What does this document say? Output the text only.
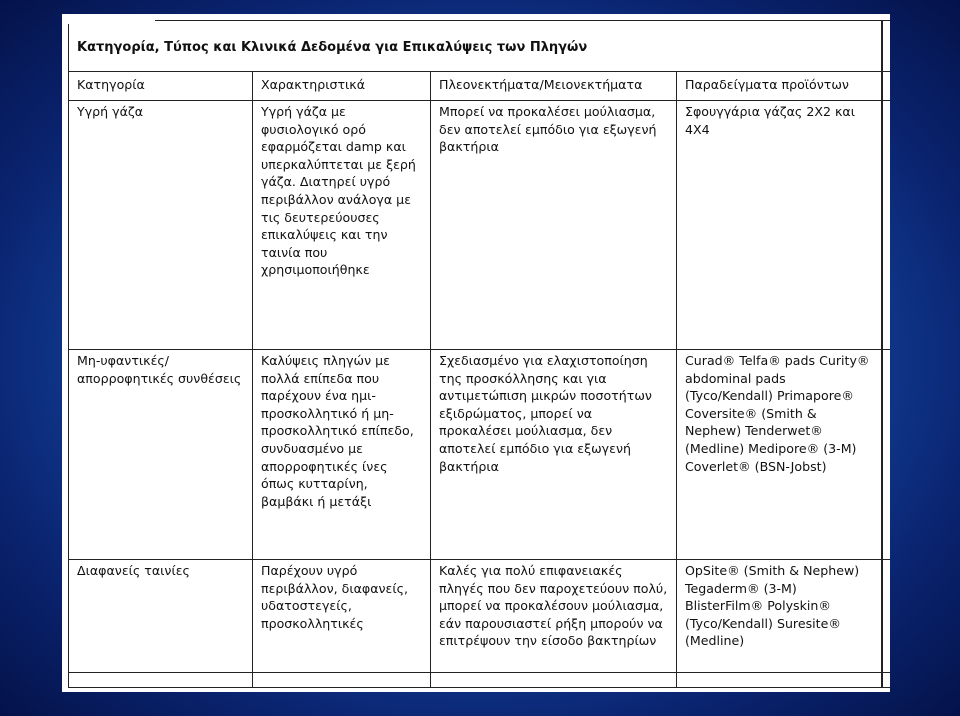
Κατηγορία, Τύπος και Κλινικά Δεδομένα για Επικαλύψεις των Πληγών				
Κατηγορία	Χαρακτηριστικά	Πλεονεκτήματα/Μειονεκτήματα	Παραδείγματα προϊόντων	
Υγρή γάζα	Υγρή γάζα με φυσιολογικό ορό εφαρμόζεται damp και υπερκαλύπτεται με ξερή γάζα. Διατηρεί υγρό περιβάλλον ανάλογα με τις δευτερεύουσες επικαλύψεις και την ταινία που χρησιμοποιήθηκε	Μπορεί να προκαλέσει μούλιασμα, δεν αποτελεί εμπόδιο για εξωγενή βακτήρια	Σφουγγάρια γάζας 2Χ2 και 4Χ4	
Μη-υφαντικές/ απορροφητικές συνθέσεις	Καλύψεις πληγών με πολλά επίπεδα που παρέχουν ένα ημι-προσκολλητικό ή μη-προσκολλητικό επίπεδο, συνδυασμένο με απορροφητικές ίνες όπως κυτταρίνη, βαμβάκι ή μετάξι	Σχεδιασμένο για ελαχιστοποίηση της προσκόλλησης και για αντιμετώπιση μικρών ποσοτήτων εξιδρώματος, μπορεί να προκαλέσει μούλιασμα, δεν αποτελεί εμπόδιο για εξωγενή βακτήρια	Curad® Telfa® pads Curity® abdominal pads (Tyco/Kendall) Primapore® Coversite® (Smith & Nephew) Tenderwet® (Medline) Medipore® (3-M) Coverlet® (BSN-Jobst)	
Διαφανείς ταινίες	Παρέχουν υγρό περιβάλλον, διαφανείς, υδατοστεγείς, προσκολλητικές	Καλές για πολύ επιφανειακές πληγές που δεν παροχετεύουν πολύ, μπορεί να προκαλέσουν μούλιασμα, εάν παρουσιαστεί ρήξη μπορούν να επιτρέψουν την είσοδο βακτηρίων	OpSite® (Smith & Nephew) Tegaderm® (3-M) BlisterFilm® Polyskin® (Tyco/Kendall) Suresite® (Medline)	
